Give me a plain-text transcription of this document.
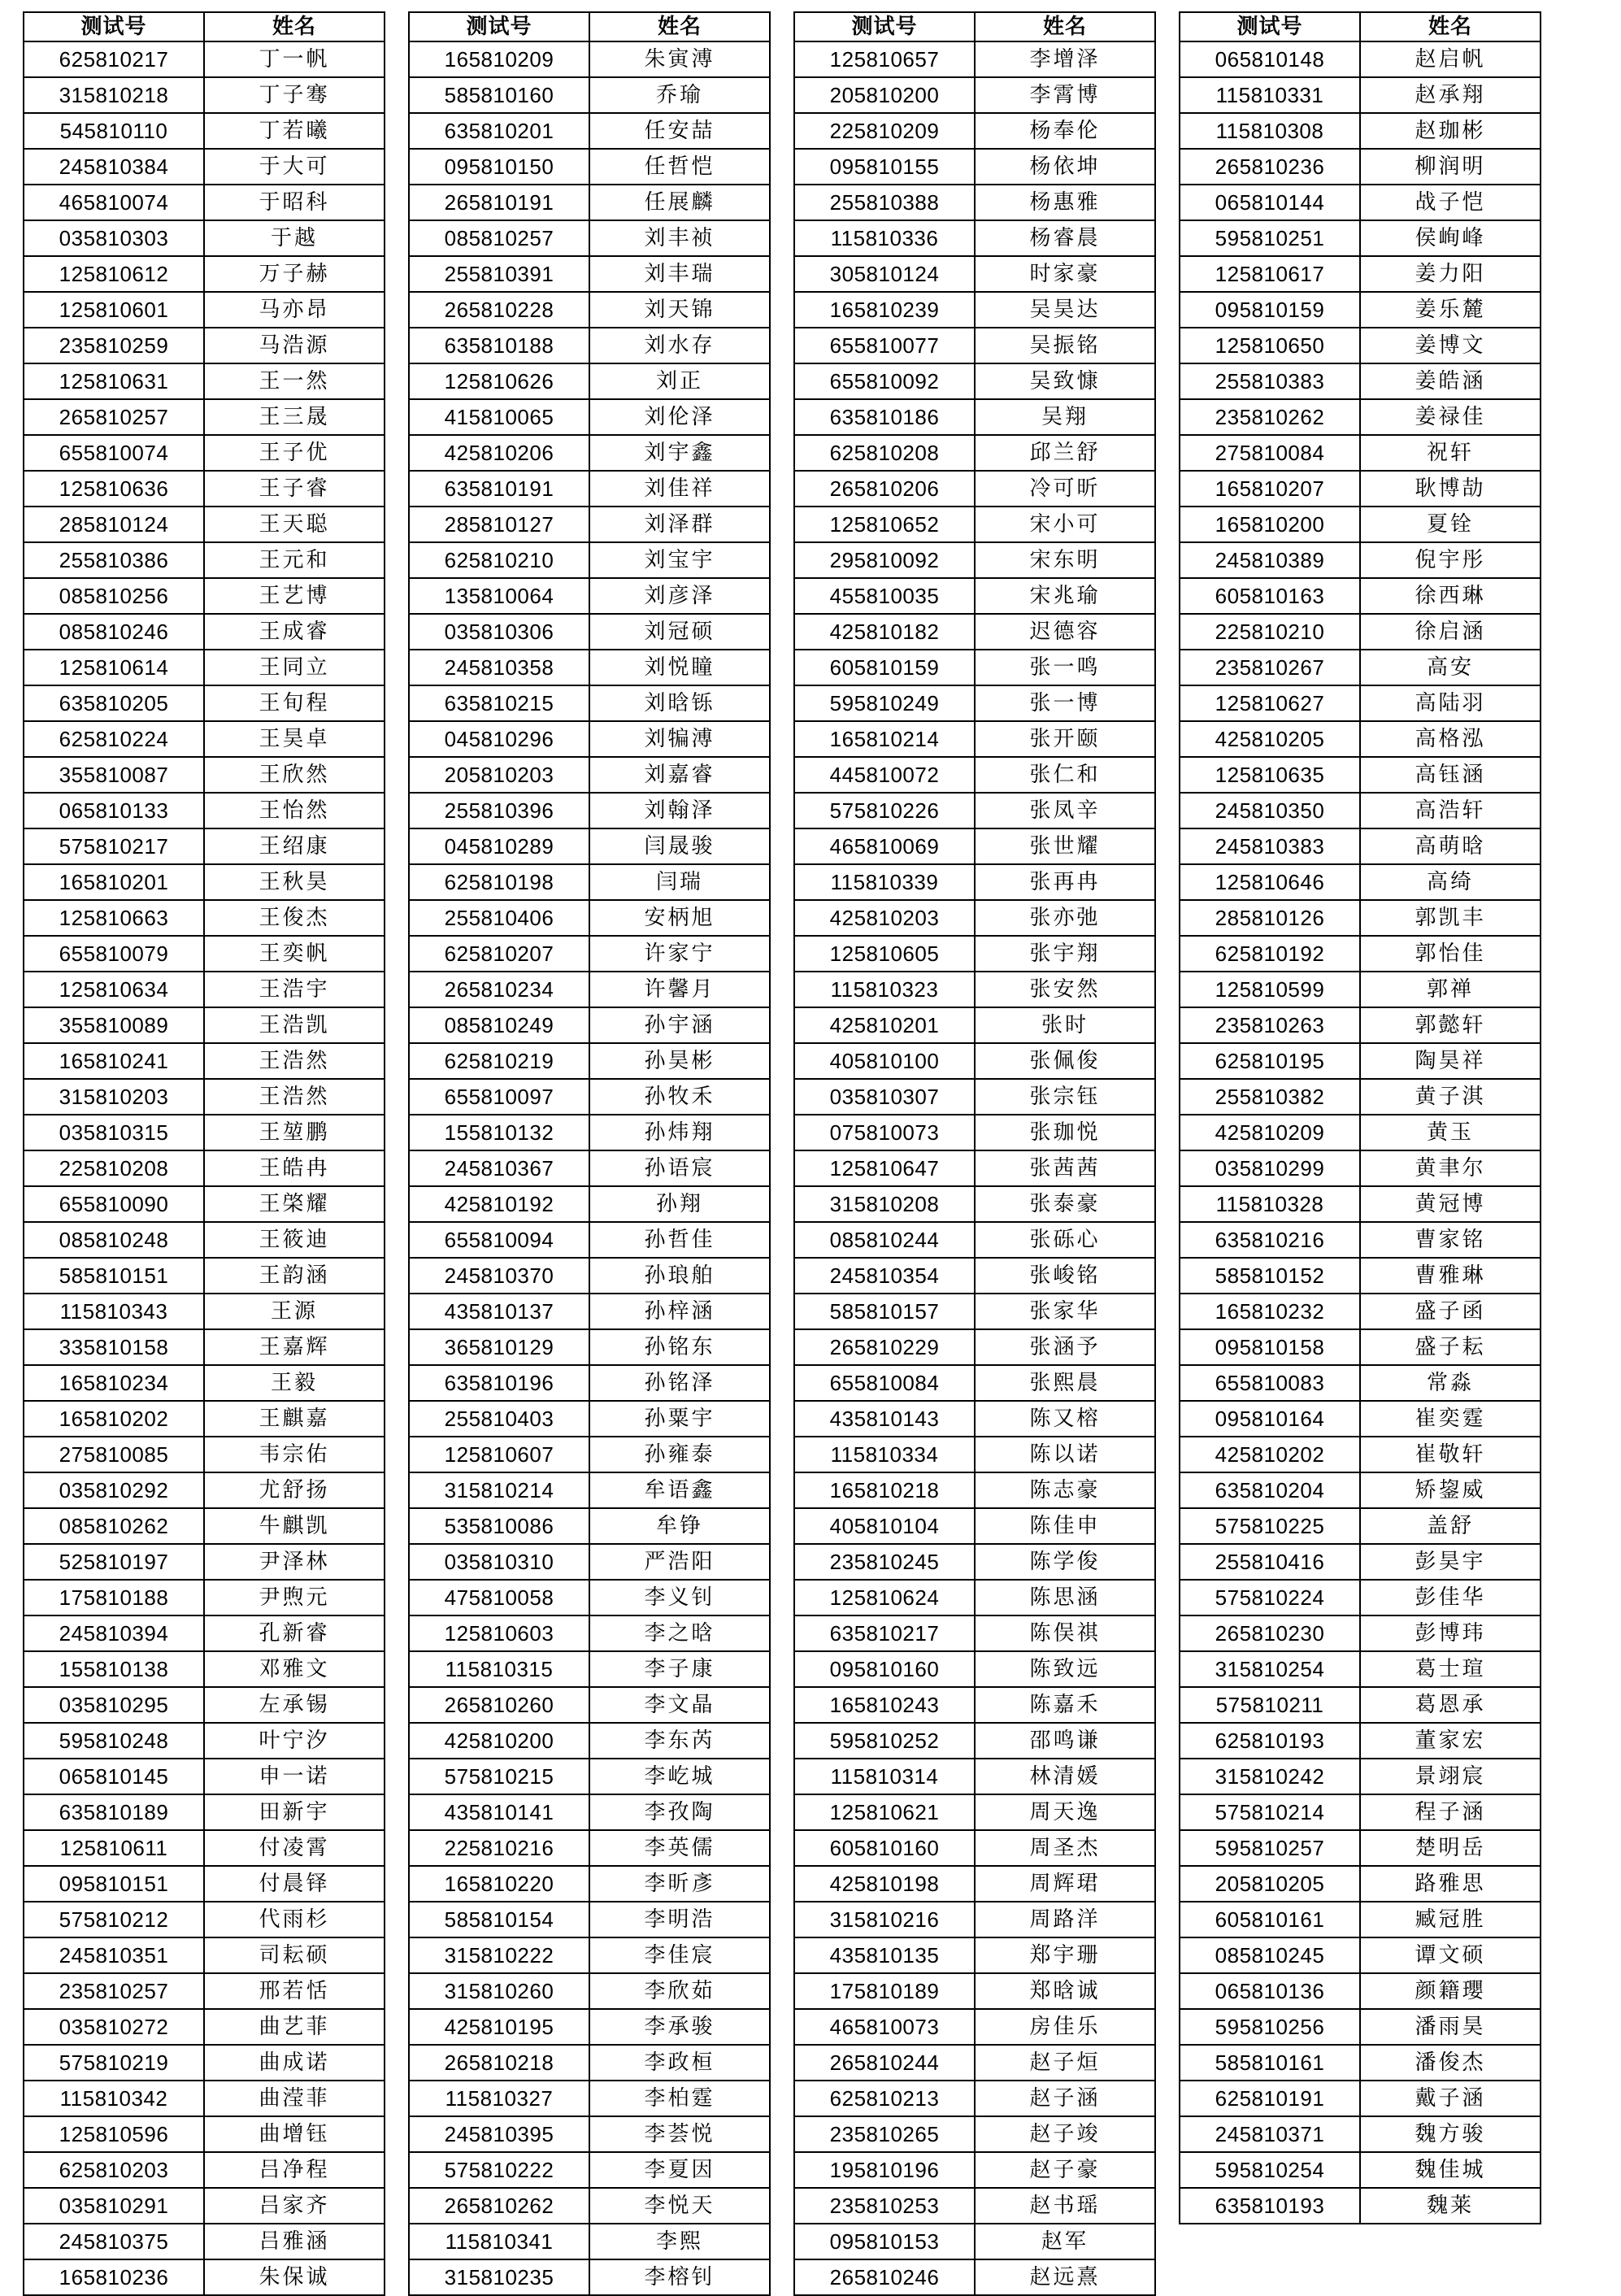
测试号	姓名
625810217	丁一帆
315810218	丁子骞
545810110	丁若曦
245810384	于大可
465810074	于昭科
035810303	于越
125810612	万子赫
125810601	马亦昂
235810259	马浩源
125810631	王一然
265810257	王三晟
655810074	王子优
125810636	王子睿
285810124	王天聪
255810386	王元和
085810256	王艺博
085810246	王成睿
125810614	王同立
635810205	王旬程
625810224	王昊卓
355810087	王欣然
065810133	王怡然
575810217	王绍康
165810201	王秋昊
125810663	王俊杰
655810079	王奕帆
125810634	王浩宇
355810089	王浩凯
165810241	王浩然
315810203	王浩然
035810315	王堃鹏
225810208	王皓冉
655810090	王棨耀
085810248	王筱迪
585810151	王韵涵
115810343	王源
335810158	王嘉辉
165810234	王毅
165810202	王麒嘉
275810085	韦宗佑
035810292	尤舒扬
085810262	牛麒凯
525810197	尹泽林
175810188	尹煦元
245810394	孔新睿
155810138	邓雅文
035810295	左承锡
595810248	叶宁汐
065810145	申一诺
635810189	田新宇
125810611	付凌霄
095810151	付晨铎
575810212	代雨杉
245810351	司耘硕
235810257	邢若恬
035810272	曲艺菲
575810219	曲成诺
115810342	曲滢菲
125810596	曲增钰
625810203	吕净程
035810291	吕家齐
245810375	吕雅涵
165810236	朱保诚
测试号	姓名
165810209	朱寅溥
585810160	乔瑜
635810201	任安喆
095810150	任哲恺
265810191	任展麟
085810257	刘丰祯
255810391	刘丰瑞
265810228	刘天锦
635810188	刘水存
125810626	刘正
415810065	刘伦泽
425810206	刘宇鑫
635810191	刘佳祥
285810127	刘泽群
625810210	刘宝宇
135810064	刘彦泽
035810306	刘冠硕
245810358	刘悦瞳
635810215	刘晗铄
045810296	刘犏溥
205810203	刘嘉睿
255810396	刘翰泽
045810289	闫晟骏
625810198	闫瑞
255810406	安柄旭
625810207	许家宁
265810234	许馨月
085810249	孙宇涵
625810219	孙昊彬
655810097	孙牧禾
155810132	孙炜翔
245810367	孙语宸
425810192	孙翔
655810094	孙哲佳
245810370	孙琅舶
435810137	孙梓涵
365810129	孙铭东
635810196	孙铭泽
255810403	孙粟宇
125810607	孙雍泰
315810214	牟语鑫
535810086	牟铮
035810310	严浩阳
475810058	李义钊
125810603	李之晗
115810315	李子康
265810260	李文晶
425810200	李东芮
575810215	李屹城
435810141	李孜陶
225810216	李英儒
165810220	李昕彥
585810154	李明浩
315810222	李佳宸
315810260	李欣茹
425810195	李承骏
265810218	李政桓
115810327	李柏霆
245810395	李荟悦
575810222	李夏因
265810262	李悦天
115810341	李熙
315810235	李榕钊
测试号	姓名
125810657	李增泽
205810200	李霄博
225810209	杨奉伦
095810155	杨依坤
255810388	杨惠雅
115810336	杨睿晨
305810124	时家豪
165810239	吴昊达
655810077	吴振铭
655810092	吴致慷
635810186	吴翔
625810208	邱兰舒
265810206	冷可昕
125810652	宋小可
295810092	宋东明
455810035	宋兆瑜
425810182	迟德容
605810159	张一鸣
595810249	张一博
165810214	张开颐
445810072	张仁和
575810226	张凤辛
465810069	张世耀
115810339	张再冉
425810203	张亦弛
125810605	张宇翔
115810323	张安然
425810201	张时
405810100	张佩俊
035810307	张宗钰
075810073	张珈悦
125810647	张茜茜
315810208	张泰豪
085810244	张砾心
245810354	张峻铭
585810157	张家华
265810229	张涵予
655810084	张熙晨
435810143	陈又榕
115810334	陈以诺
165810218	陈志豪
405810104	陈佳申
235810245	陈学俊
125810624	陈思涵
635810217	陈俣祺
095810160	陈致远
165810243	陈嘉禾
595810252	邵鸣谦
115810314	林清媛
125810621	周天逸
605810160	周圣杰
425810198	周辉珺
315810216	周路洋
435810135	郑宇珊
175810189	郑晗诚
465810073	房佳乐
265810244	赵子烜
625810213	赵子涵
235810265	赵子竣
195810196	赵子豪
235810253	赵书瑶
095810153	赵军
265810246	赵远熹
测试号	姓名
065810148	赵启帆
115810331	赵承翔
115810308	赵珈彬
265810236	柳润明
065810144	战子恺
595810251	侯峋峰
125810617	姜力阳
095810159	姜乐麓
125810650	姜博文
255810383	姜皓涵
235810262	姜禄佳
275810084	祝轩
165810207	耿博劼
165810200	夏铨
245810389	倪宇彤
605810163	徐西琳
225810210	徐启涵
235810267	高安
125810627	高陆羽
425810205	高格泓
125810635	高钰涵
245810350	高浩轩
245810383	高萌晗
125810646	高绮
285810126	郭凯丰
625810192	郭怡佳
125810599	郭禅
235810263	郭懿轩
625810195	陶昊祥
255810382	黄子淇
425810209	黄玉
035810299	黄聿尔
115810328	黄冠博
635810216	曹家铭
585810152	曹雅琳
165810232	盛子函
095810158	盛子耘
655810083	常淼
095810164	崔奕霆
425810202	崔敬轩
635810204	矫鋆威
575810225	盖舒
255810416	彭昊宇
575810224	彭佳华
265810230	彭博玮
315810254	葛士瑄
575810211	葛恩承
625810193	董家宏
315810242	景翊宸
575810214	程子涵
595810257	楚明岳
205810205	路雅思
605810161	臧冠胜
085810245	谭文硕
065810136	颜籍瓔
595810256	潘雨昊
585810161	潘俊杰
625810191	戴子涵
245810371	魏方骏
595810254	魏佳城
635810193	魏莱
